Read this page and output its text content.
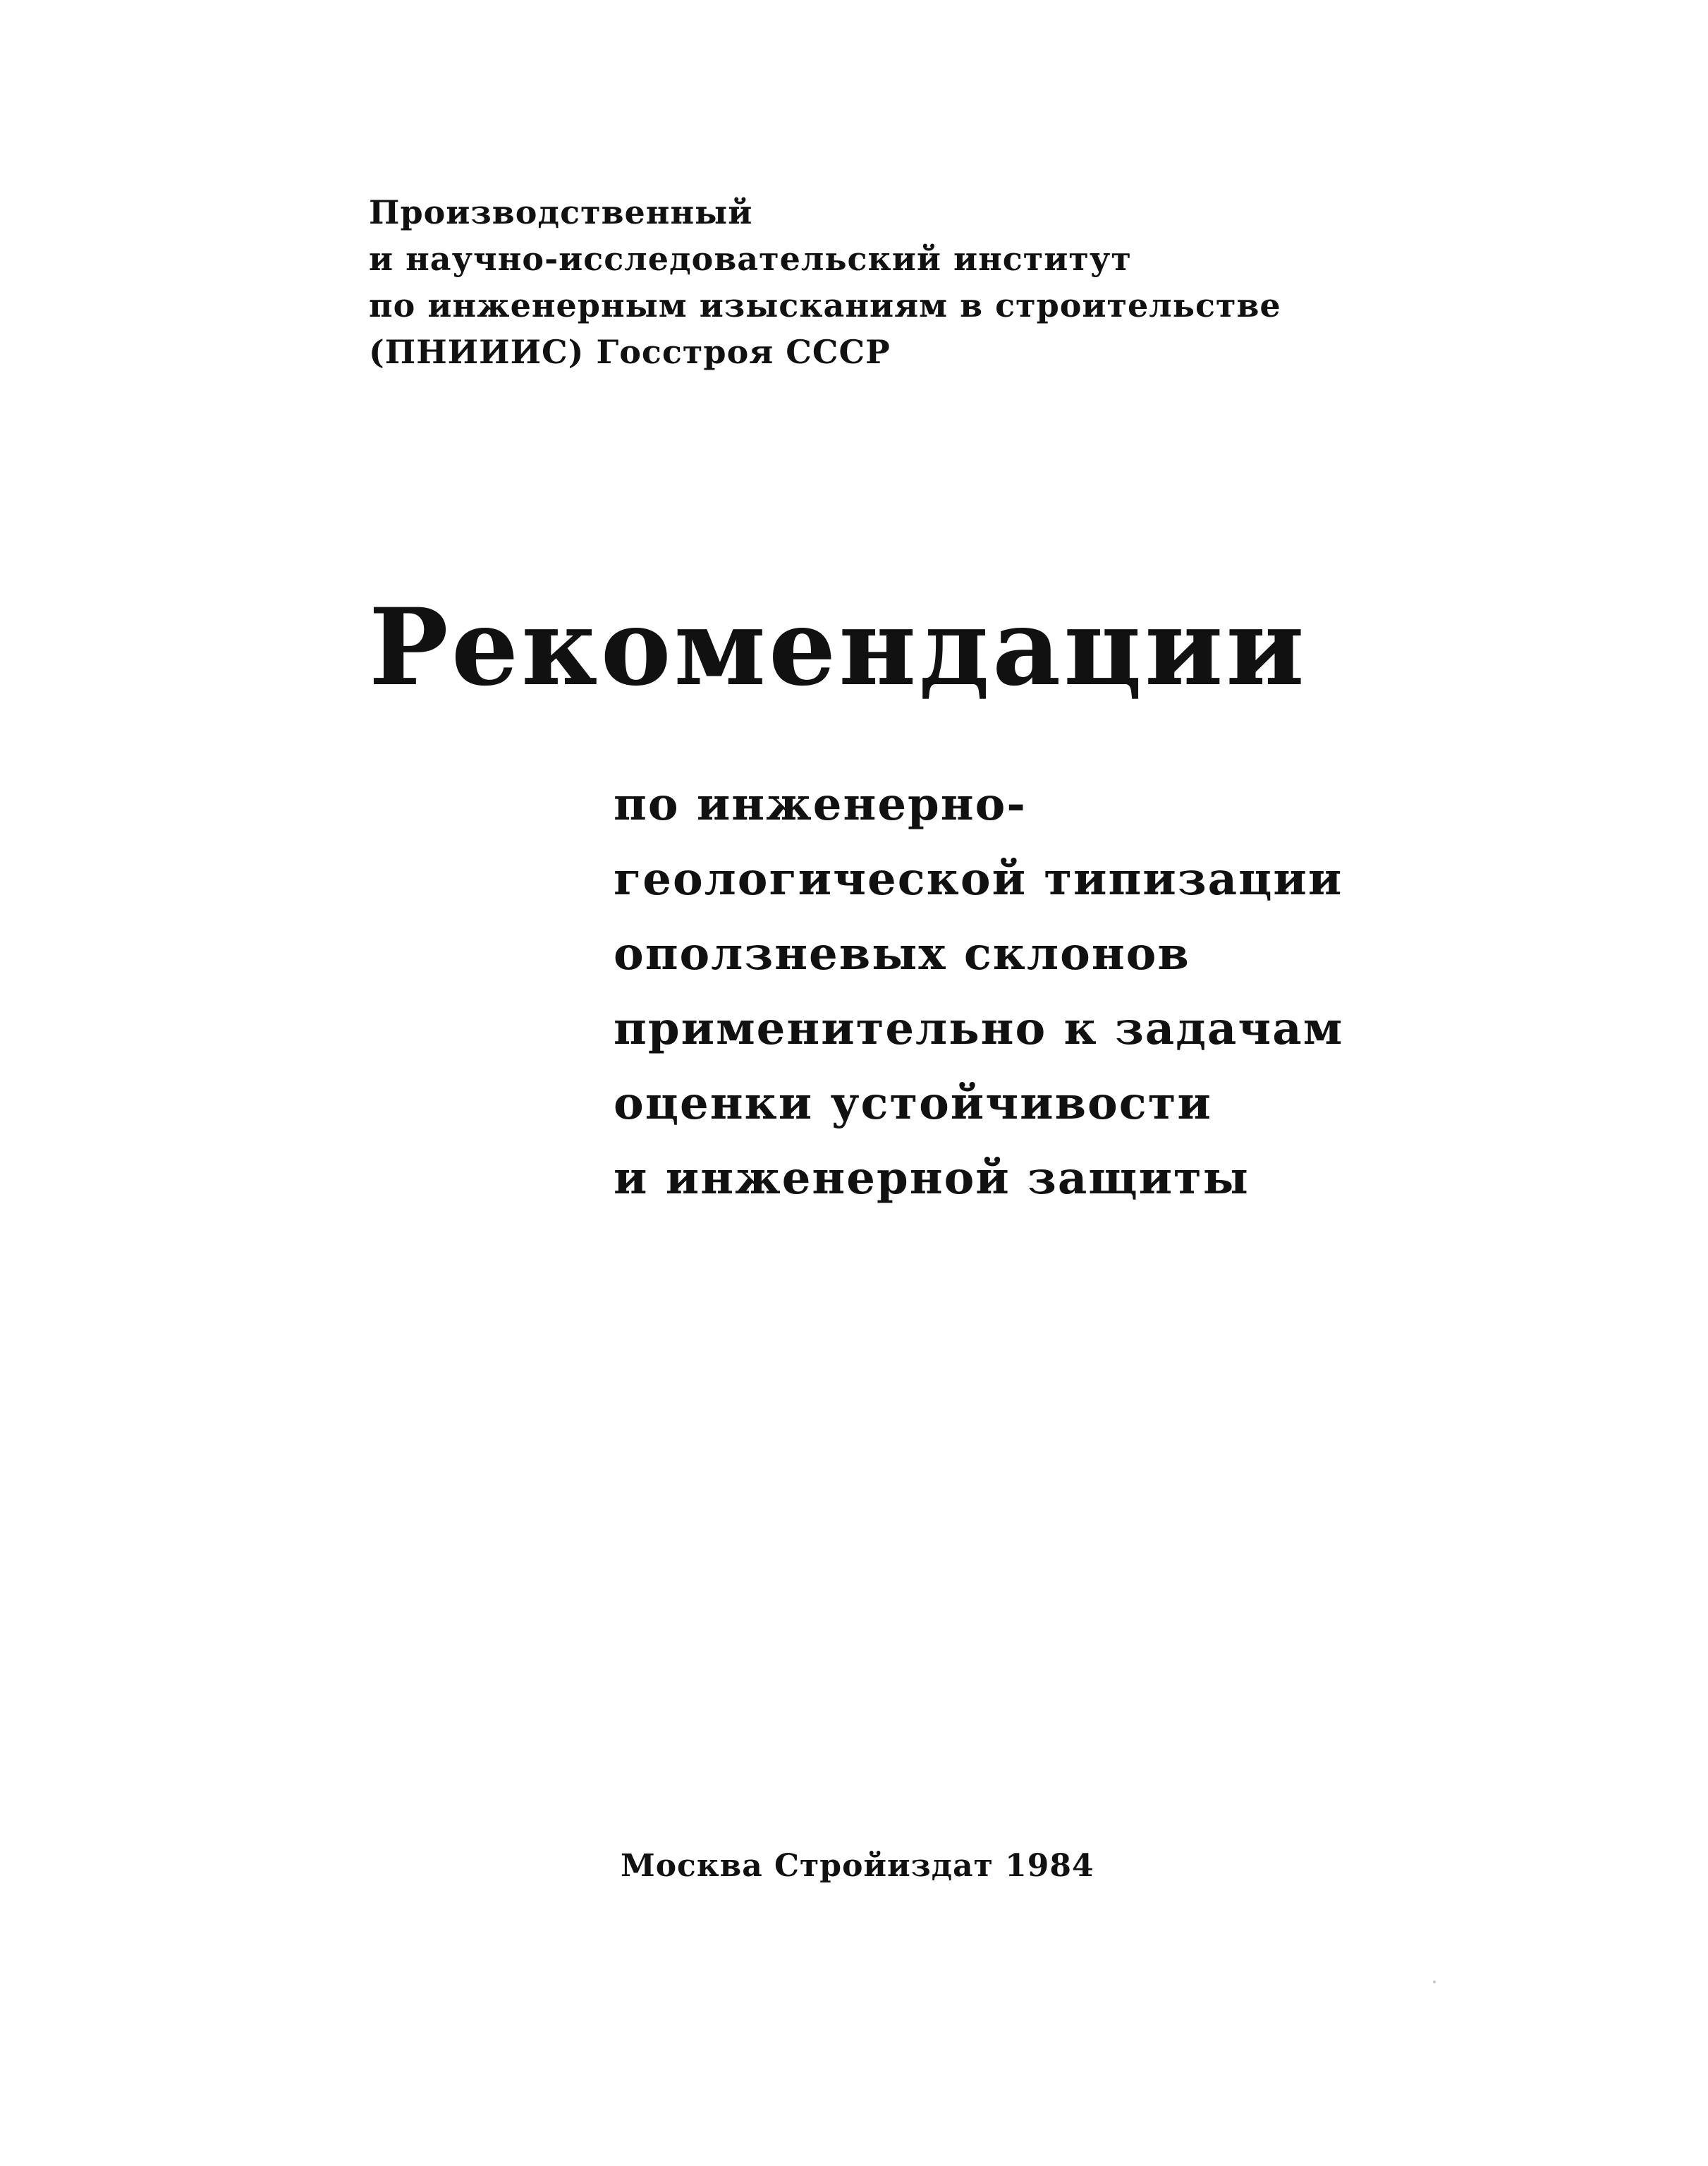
Производственный
и научно-исследовательский институт
по инженерным изысканиям в строительстве
(ПНИИИС) Госстроя СССР
Рекомендации
по инженерно-
геологической типизации
оползневых склонов
применительно к задачам
оценки устойчивости
и инженерной защиты
Москва Стройиздат 1984
